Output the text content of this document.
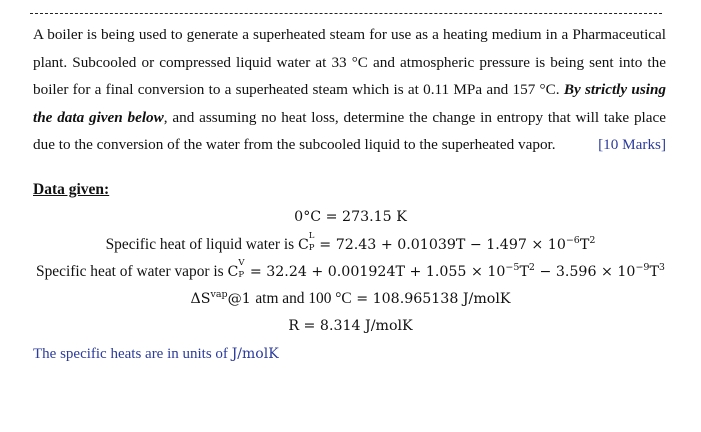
A boiler is being used to generate a superheated steam for use as a heating medium in a Pharmaceutical plant. Subcooled or compressed liquid water at 33 °C and atmospheric pressure is being sent into the boiler for a final conversion to a superheated steam which is at 0.11 MPa and 157 °C. By strictly using the data given below, and assuming no heat loss, determine the change in entropy that will take place due to the conversion of the water from the subcooled liquid to the superheated vapor.	[10 Marks]

Data given:

0°C = 273.15 K

Specific heat of liquid water is C
L
$P = 72.43 + 0.01039T - 1.497 \times 10^{-6}T^2$

Specific heat of water vapor is C
V
$P = 32.24 + 0.001924T + 1.055 \times 10^{-5}T^2 - 3.596 \times 10^{-9}T^3$

$\Delta S^{vap}@1$ atm and 100 °C = 108.965138 J/molK

R = 8.314 J/molK

The specific heats are in units of J/molK
